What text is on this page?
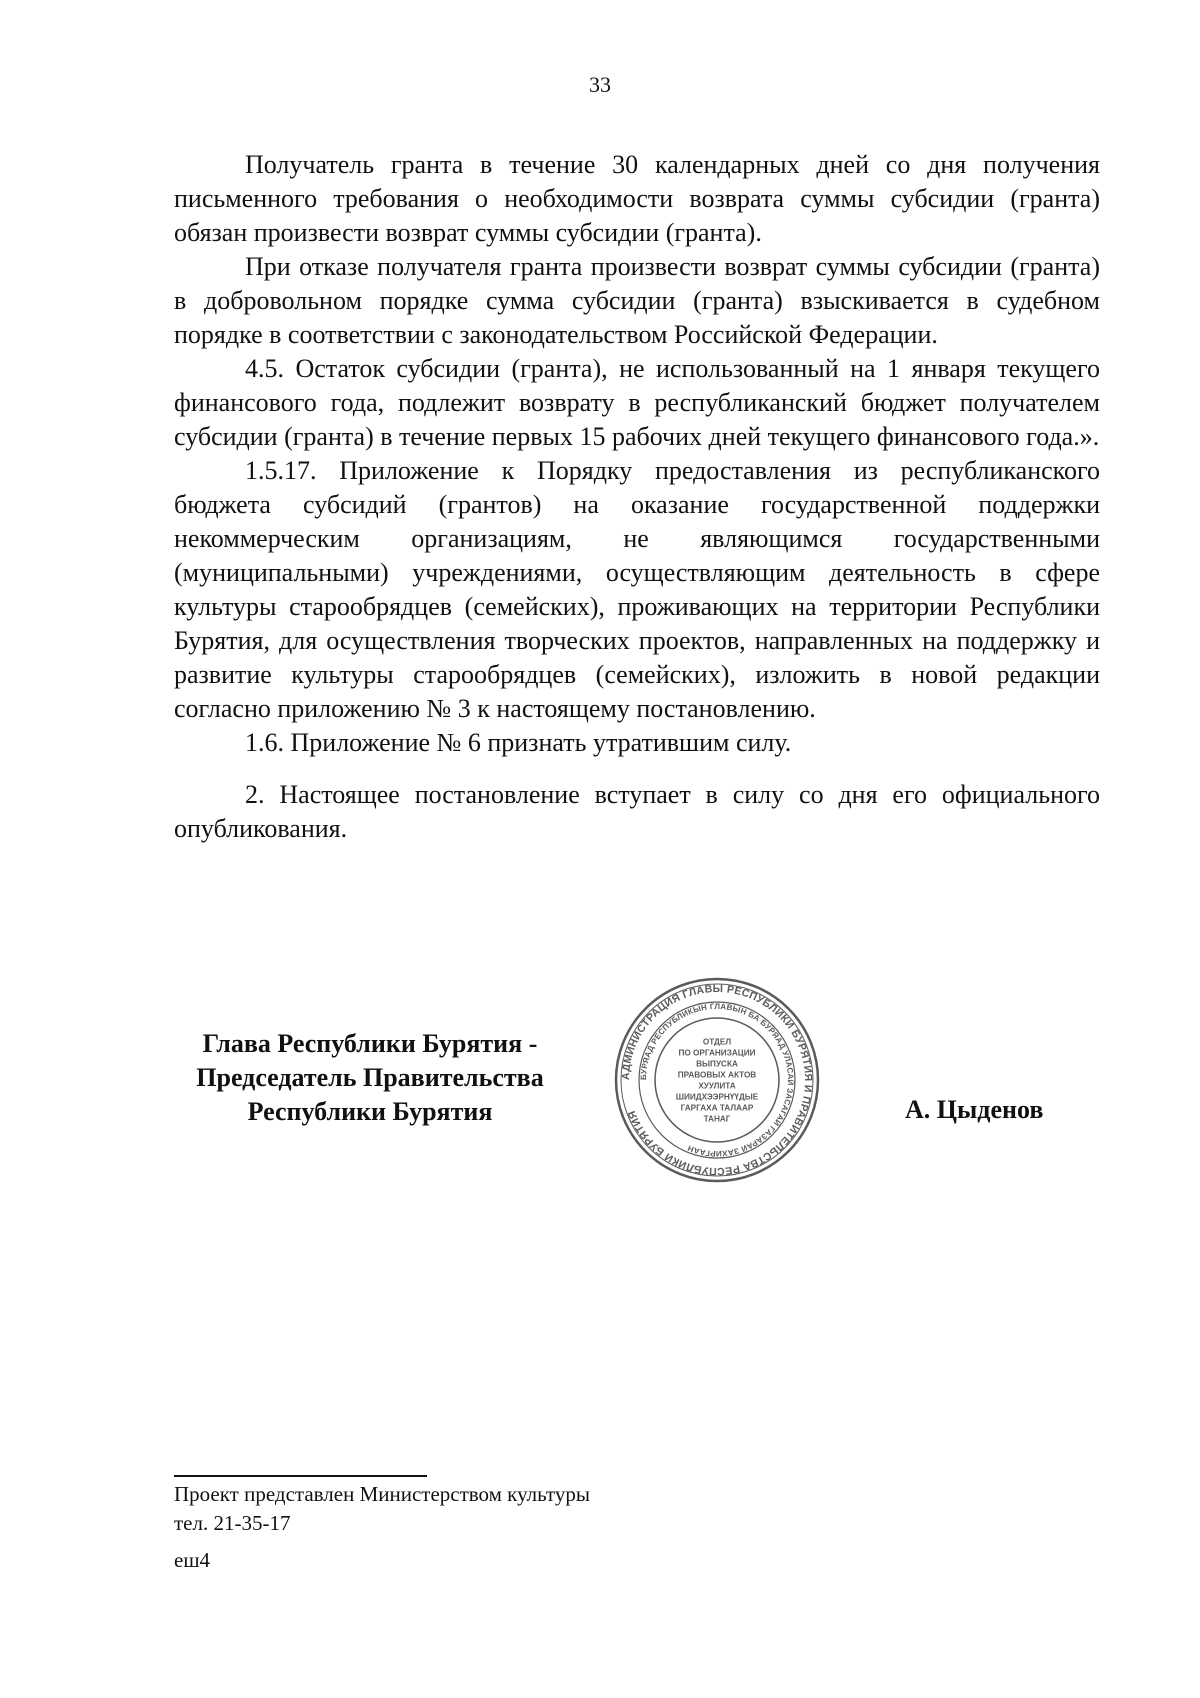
33

Получатель гранта в течение 30 календарных дней со дня получения письменного требования о необходимости возврата суммы субсидии (гранта) обязан произвести возврат суммы субсидии (гранта).

При отказе получателя гранта произвести возврат суммы субсидии (гранта) в добровольном порядке сумма субсидии (гранта) взыскивается в судебном порядке в соответствии с законодательством Российской Федерации.

4.5. Остаток субсидии (гранта), не использованный на 1 января текущего финансового года, подлежит возврату в республиканский бюджет получателем субсидии (гранта) в течение первых 15 рабочих дней текущего финансового года.».

1.5.17. Приложение к Порядку предоставления из республиканского бюджета субсидий (грантов) на оказание государственной поддержки некоммерческим организациям, не являющимся государственными (муниципальными) учреждениями, осуществляющим деятельность в сфере культуры старообрядцев (семейских), проживающих на территории Республики Бурятия, для осуществления творческих проектов, направленных на поддержку и развитие культуры старообрядцев (семейских), изложить в новой редакции согласно приложению № 3 к настоящему постановлению.

1.6. Приложение № 6 признать утратившим силу.

2. Настоящее постановление вступает в силу со дня его официального опубликования.

Глава Республики Бурятия -
Председатель Правительства
Республики Бурятия
АДМИНИСТРАЦИЯ ГЛАВЫ РЕСПУБЛИКИ БУРЯТИЯ И ПРАВИТЕЛЬСТВА РЕСПУБЛИКИ БУРЯТИЯ
БУРЯАД РЕСПУБЛИКЫН ГЛАВЫН БА БУРЯАД УЛАСАЙ ЗАСАГАЙ ГАЗАРАЙ ЗАХИРГААН
ОТДЕЛ
ПО ОРГАНИЗАЦИИ
ВЫПУСКА
ПРАВОВЫХ АКТОВ
ХУУЛИТА
ШИИДХЭЭРНҮҮДЫЕ
ГАРГАХА ТАЛААР
ТАНАГ	А. Цыденов
Проект представлен Министерством культуры
тел. 21-35-17
еш4
